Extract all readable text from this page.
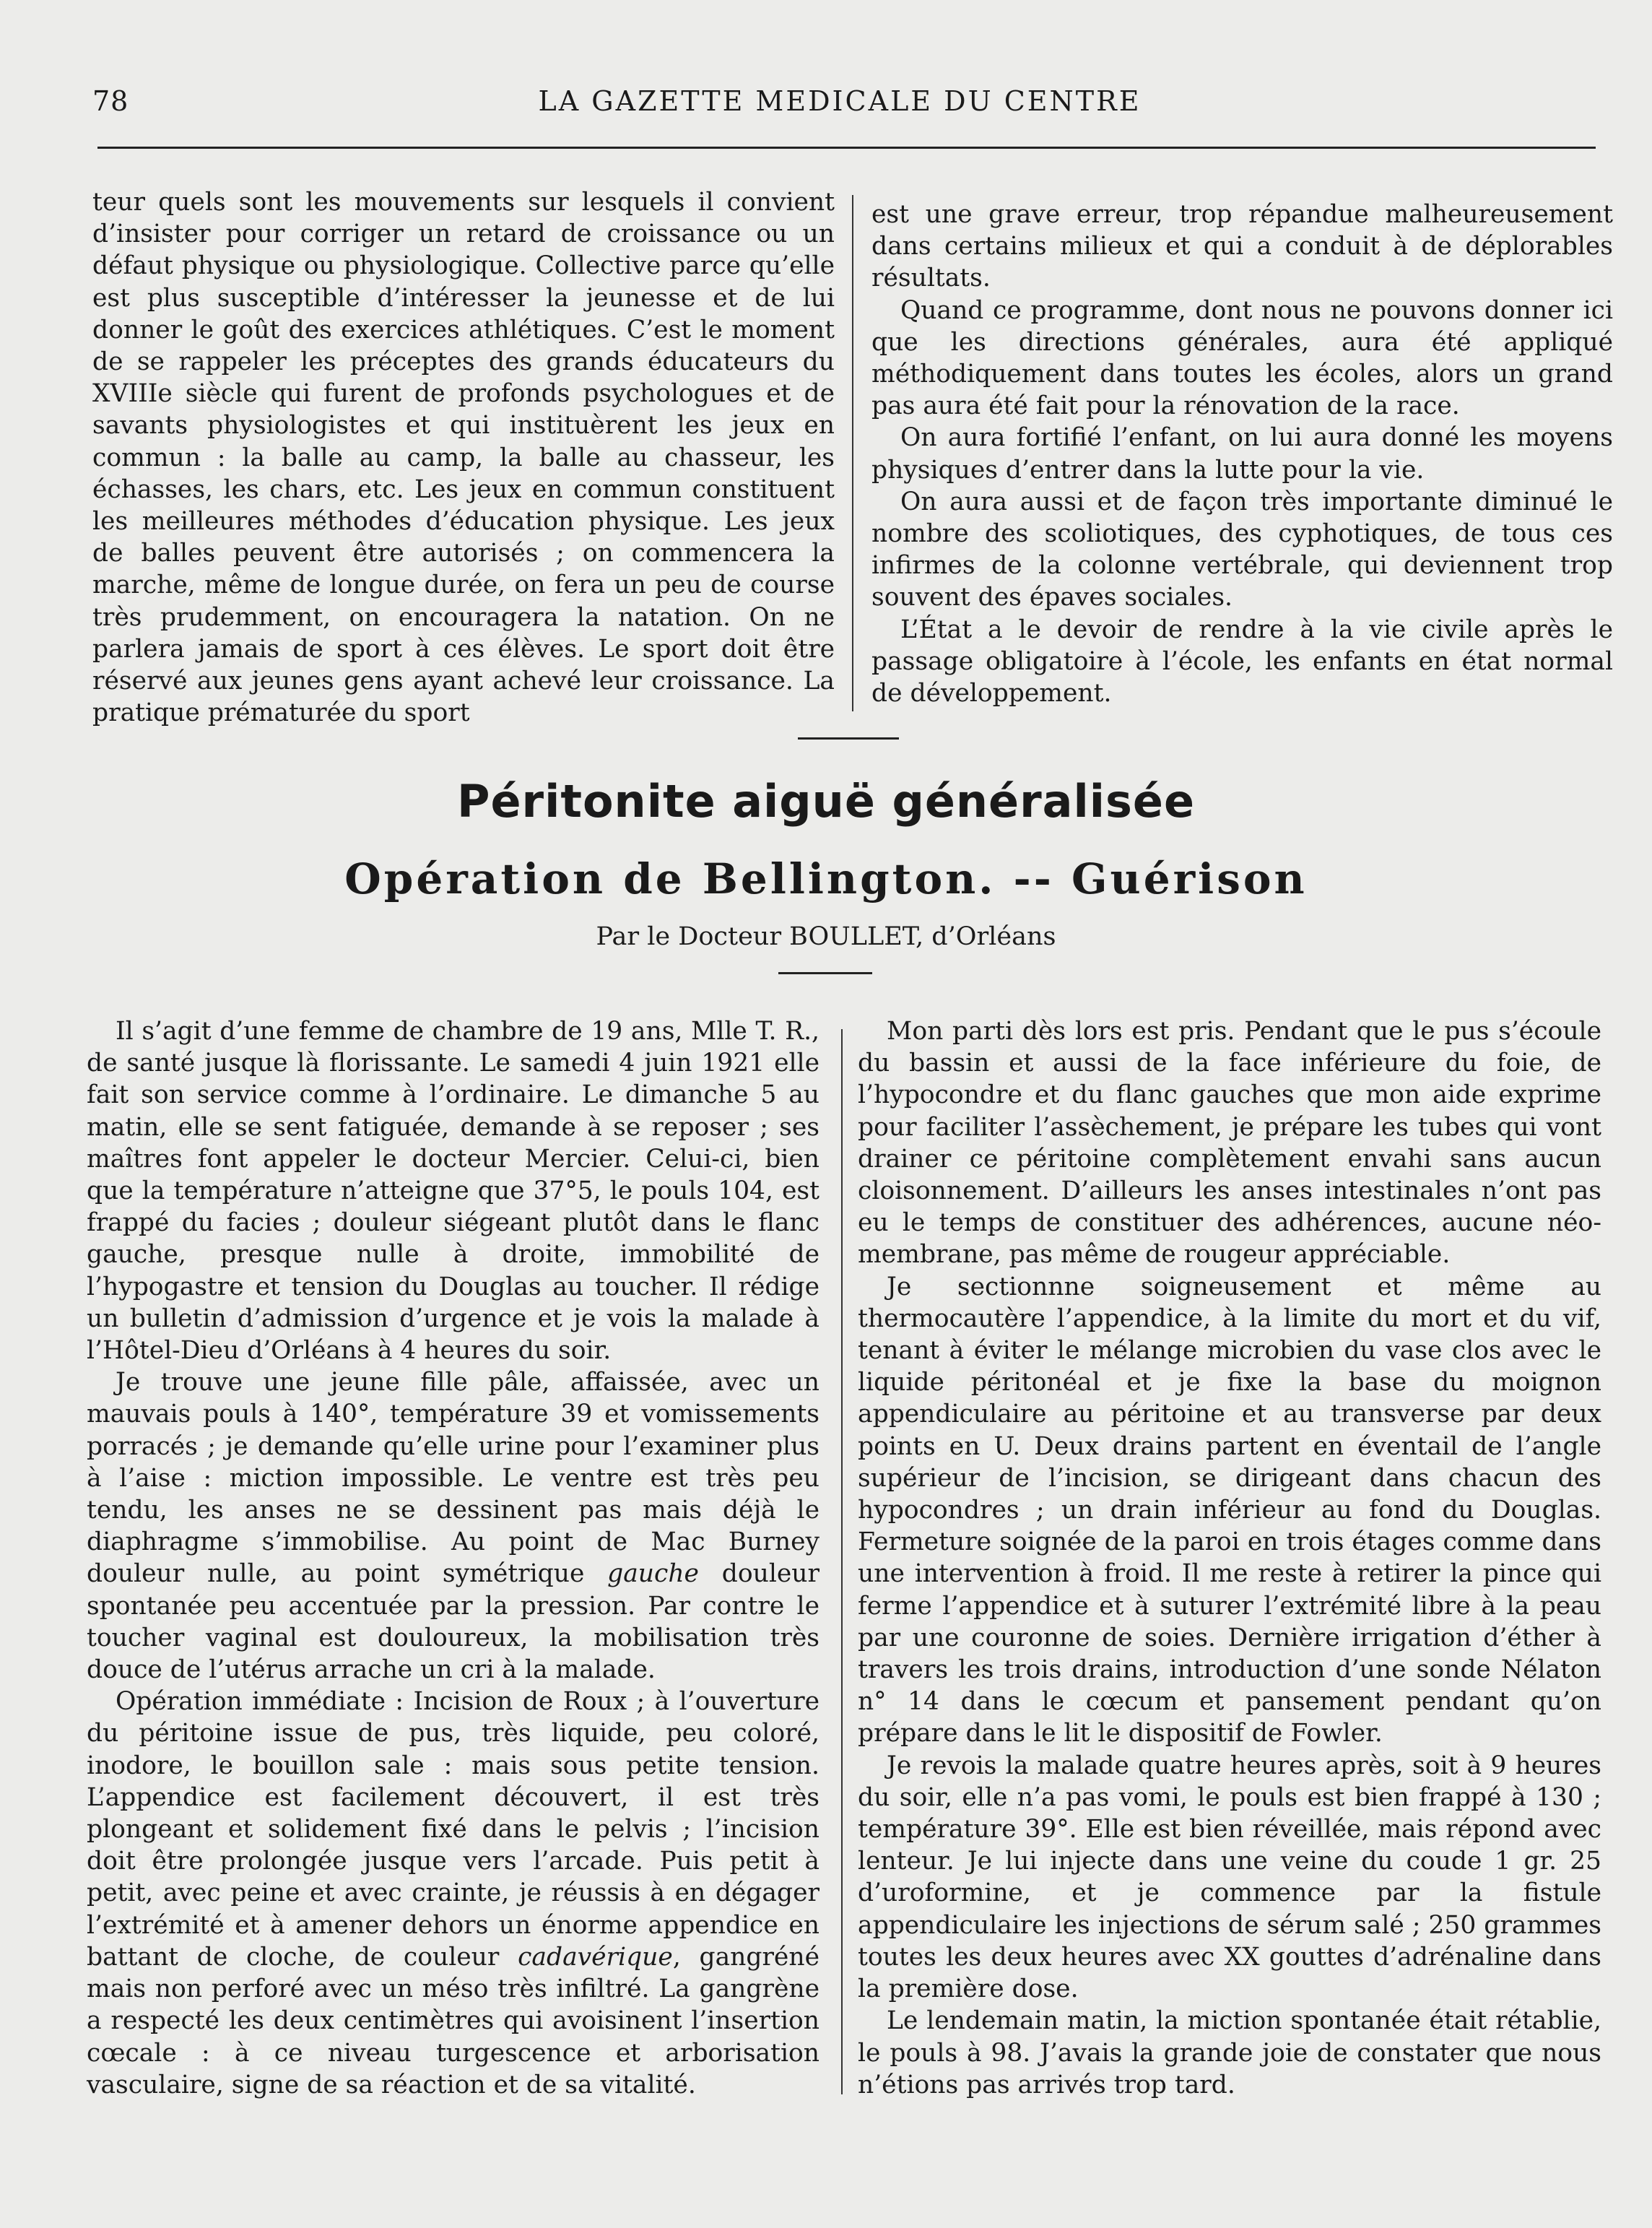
78	LA GAZETTE MEDICALE DU CENTRE

teur quels sont les mouvements sur lesquels il convient d’insister pour corriger un retard de croissance ou un défaut physique ou physiologique. Collective parce qu’elle est plus susceptible d’intéresser la jeunesse et de lui donner le goût des exercices athlétiques. C’est le moment de se rappeler les préceptes des grands éducateurs du XVIIIe siècle qui furent de profonds psychologues et de savants physiologistes et qui instituèrent les jeux en commun : la balle au camp, la balle au chasseur, les échasses, les chars, etc. Les jeux en commun constituent les meilleures méthodes d’éducation physique. Les jeux de balles peuvent être autorisés ; on commencera la marche, même de longue durée, on fera un peu de course très prudemment, on encouragera la natation. On ne parlera jamais de sport à ces élèves. Le sport doit être réservé aux jeunes gens ayant achevé leur croissance. La pratique prématurée du sport

est une grave erreur, trop répandue malheureusement dans certains milieux et qui a conduit à de déplorables résultats.

Quand ce programme, dont nous ne pouvons donner ici que les directions générales, aura été appliqué méthodiquement dans toutes les écoles, alors un grand pas aura été fait pour la rénovation de la race.

On aura fortifié l’enfant, on lui aura donné les moyens physiques d’entrer dans la lutte pour la vie.

On aura aussi et de façon très importante diminué le nombre des scoliotiques, des cyphotiques, de tous ces infirmes de la colonne vertébrale, qui deviennent trop souvent des épaves sociales.

L’État a le devoir de rendre à la vie civile après le passage obligatoire à l’école, les enfants en état normal de développement.

Péritonite aiguë généralisée
Opération de Bellington. -- Guérison
Par le Docteur BOULLET, d’Orléans

Il s’agit d’une femme de chambre de 19 ans, Mlle T. R., de santé jusque là florissante. Le samedi 4 juin 1921 elle fait son service comme à l’ordinaire. Le dimanche 5 au matin, elle se sent fatiguée, demande à se reposer ; ses maîtres font appeler le docteur Mercier. Celui-ci, bien que la température n’atteigne que 37°5, le pouls 104, est frappé du facies ; douleur siégeant plutôt dans le flanc gauche, presque nulle à droite, immobilité de l’hypogastre et tension du Douglas au toucher. Il rédige un bulletin d’admission d’urgence et je vois la malade à l’Hôtel-Dieu d’Orléans à 4 heures du soir.

Je trouve une jeune fille pâle, affaissée, avec un mauvais pouls à 140°, température 39 et vomissements porracés ; je demande qu’elle urine pour l’examiner plus à l’aise : miction impossible. Le ventre est très peu tendu, les anses ne se dessinent pas mais déjà le diaphragme s’immobilise. Au point de Mac Burney douleur nulle, au point symétrique gauche douleur spontanée peu accentuée par la pression. Par contre le toucher vaginal est douloureux, la mobilisation très douce de l’utérus arrache un cri à la malade.

Opération immédiate : Incision de Roux ; à l’ouverture du péritoine issue de pus, très liquide, peu coloré, inodore, le bouillon sale : mais sous petite tension. L’appendice est facilement découvert, il est très plongeant et solidement fixé dans le pelvis ; l’incision doit être prolongée jusque vers l’arcade. Puis petit à petit, avec peine et avec crainte, je réussis à en dégager l’extrémité et à amener dehors un énorme appendice en battant de cloche, de couleur cadavérique, gangréné mais non perforé avec un méso très infiltré. La gangrène a respecté les deux centimètres qui avoisinent l’insertion cœcale : à ce niveau turgescence et arborisation vasculaire, signe de sa réaction et de sa vitalité.

Mon parti dès lors est pris. Pendant que le pus s’écoule du bassin et aussi de la face inférieure du foie, de l’hypocondre et du flanc gauches que mon aide exprime pour faciliter l’assèchement, je prépare les tubes qui vont drainer ce péritoine complètement envahi sans aucun cloisonnement. D’ailleurs les anses intestinales n’ont pas eu le temps de constituer des adhérences, aucune néo-membrane, pas même de rougeur appréciable.

Je sectionnne soigneusement et même au thermocautère l’appendice, à la limite du mort et du vif, tenant à éviter le mélange microbien du vase clos avec le liquide péritonéal et je fixe la base du moignon appendiculaire au péritoine et au transverse par deux points en U. Deux drains partent en éventail de l’angle supérieur de l’incision, se dirigeant dans chacun des hypocondres ; un drain inférieur au fond du Douglas. Fermeture soignée de la paroi en trois étages comme dans une intervention à froid. Il me reste à retirer la pince qui ferme l’appendice et à suturer l’extrémité libre à la peau par une couronne de soies. Dernière irrigation d’éther à travers les trois drains, introduction d’une sonde Nélaton n° 14 dans le cœcum et pansement pendant qu’on prépare dans le lit le dispositif de Fowler.

Je revois la malade quatre heures après, soit à 9 heures du soir, elle n’a pas vomi, le pouls est bien frappé à 130 ; température 39°. Elle est bien réveillée, mais répond avec lenteur. Je lui injecte dans une veine du coude 1 gr. 25 d’uroformine, et je commence par la fistule appendiculaire les injections de sérum salé ; 250 grammes toutes les deux heures avec XX gouttes d’adrénaline dans la première dose.

Le lendemain matin, la miction spontanée était rétablie, le pouls à 98. J’avais la grande joie de constater que nous n’étions pas arrivés trop tard.
